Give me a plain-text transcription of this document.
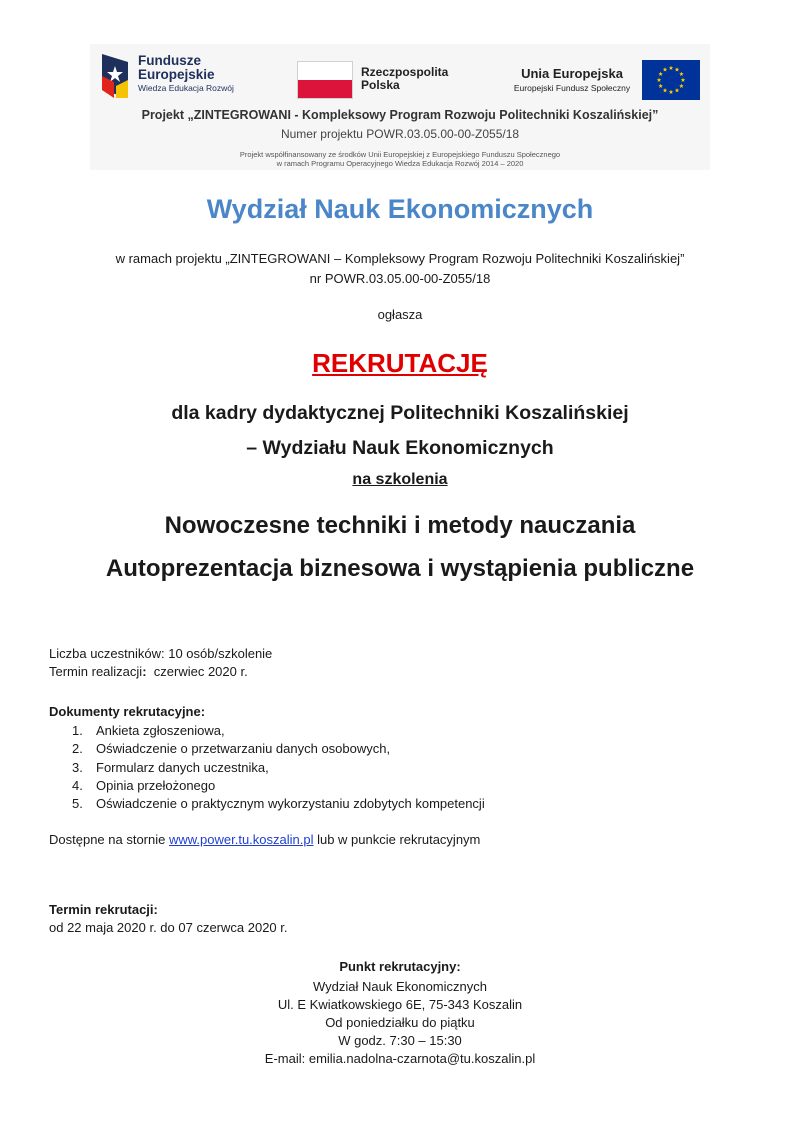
Fundusze
Europejskie
Wiedza Edukacja Rozwój
Rzeczpospolita
Polska
Unia Europejska
Europejski Fundusz Społeczny
Projekt „ZINTEGROWANI - Kompleksowy Program Rozwoju Politechniki Koszalińskiej”
Numer projektu POWR.03.05.00-00-Z055/18
Projekt współfinansowany ze środków Unii Europejskiej z Europejskiego Funduszu Społecznego
w ramach Programu Operacyjnego Wiedza Edukacja Rozwój 2014 – 2020
Wydział Nauk Ekonomicznych
w ramach projektu „ZINTEGROWANI – Kompleksowy Program Rozwoju Politechniki Koszalińskiej”
nr POWR.03.05.00-00-Z055/18
ogłasza
REKRUTACJĘ
dla kadry dydaktycznej Politechniki Koszalińskiej
– Wydziału Nauk Ekonomicznych
na szkolenia
Nowoczesne techniki i metody nauczania
Autoprezentacja biznesowa i wystąpienia publiczne
Liczba uczestników: 10 osób/szkolenie
Termin realizacji:  czerwiec 2020 r.
Dokumenty rekrutacyjne:
1. Ankieta zgłoszeniowa,
2. Oświadczenie o przetwarzaniu danych osobowych,
3. Formularz danych uczestnika,
4. Opinia przełożonego
5. Oświadczenie o praktycznym wykorzystaniu zdobytych kompetencji
Dostępne na stornie www.power.tu.koszalin.pl lub w punkcie rekrutacyjnym
Termin rekrutacji:
od 22 maja 2020 r. do 07 czerwca 2020 r.
Punkt rekrutacyjny:
Wydział Nauk Ekonomicznych
Ul. E Kwiatkowskiego 6E, 75-343 Koszalin
Od poniedziałku do piątku
W godz. 7:30 – 15:30
E-mail: emilia.nadolna-czarnota@tu.koszalin.pl
